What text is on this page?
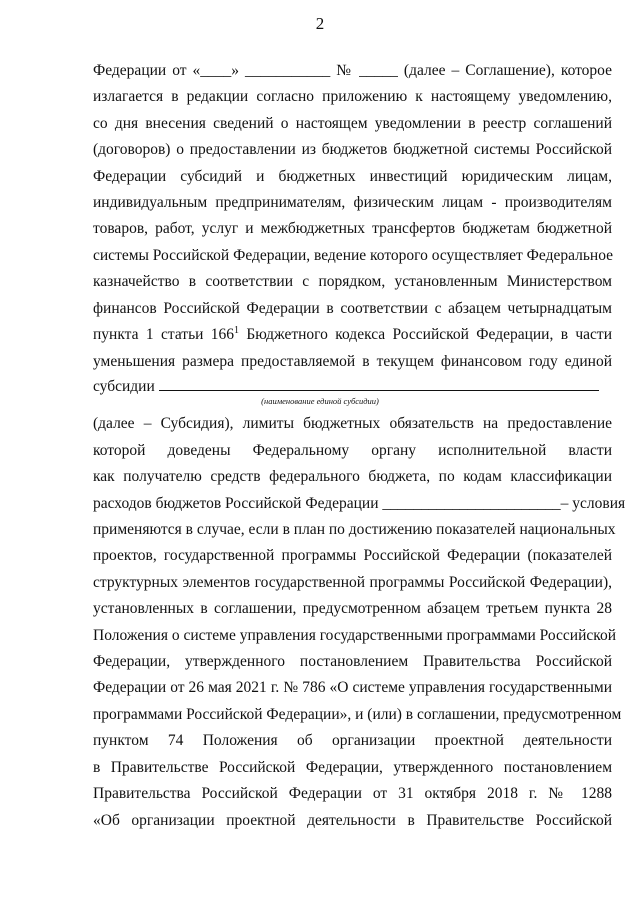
2
Федерации от «____» ___________ № _____ (далее – Соглашение), которое
излагается в редакции согласно приложению к настоящему уведомлению,
со дня внесения сведений о настоящем уведомлении в реестр соглашений
(договоров) о предоставлении из бюджетов бюджетной системы Российской
Федерации субсидий и бюджетных инвестиций юридическим лицам,
индивидуальным предпринимателям, физическим лицам - производителям
товаров, работ, услуг и межбюджетных трансфертов бюджетам бюджетной
системы Российской Федерации, ведение которого осуществляет Федеральное
казначейство в соответствии с порядком, установленным Министерством
финансов Российской Федерации в соответствии с абзацем четырнадцатым
пункта 1 статьи $166^1$ Бюджетного кодекса Российской Федерации, в части
уменьшения размера предоставляемой в текущем финансовом году единой
субсидии
(наименование единой субсидии)
(далее – Субсидия), лимиты бюджетных обязательств на предоставление
которой доведены Федеральному органу исполнительной власти
как получателю средств федерального бюджета, по кодам классификации
расходов бюджетов Российской Федерации _______________________– условия
применяются в случае, если в план по достижению показателей национальных
проектов, государственной программы Российской Федерации (показателей
структурных элементов государственной программы Российской Федерации),
установленных в соглашении, предусмотренном абзацем третьем пункта 28
Положения о системе управления государственными программами Российской
Федерации, утвержденного постановлением Правительства Российской
Федерации от 26 мая 2021 г. № 786 «О системе управления государственными
программами Российской Федерации», и (или) в соглашении, предусмотренном
пунктом 74 Положения об организации проектной деятельности
в Правительстве Российской Федерации, утвержденного постановлением
Правительства Российской Федерации от 31 октября 2018 г. № 1288
«Об организации проектной деятельности в Правительстве Российской
